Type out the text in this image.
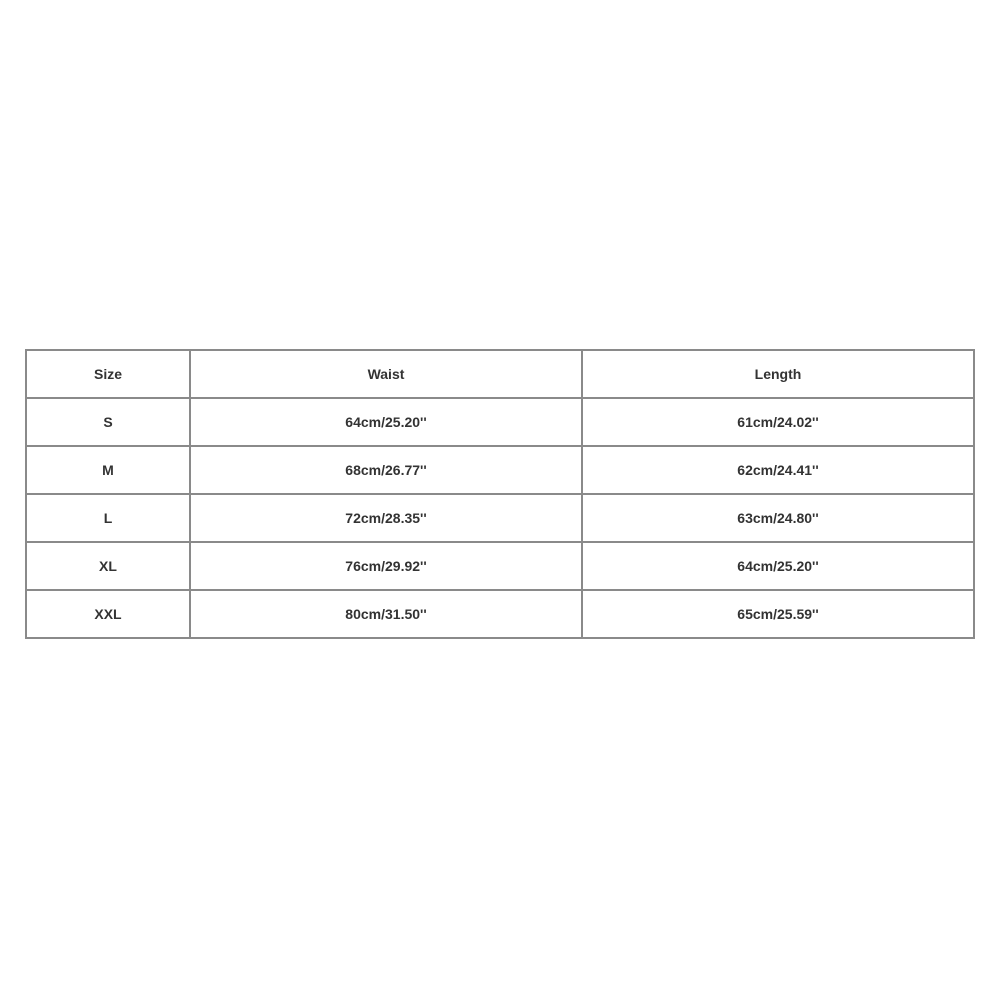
Size	Waist	Length
S	64cm/25.20''	61cm/24.02''
M	68cm/26.77''	62cm/24.41''
L	72cm/28.35''	63cm/24.80''
XL	76cm/29.92''	64cm/25.20''
XXL	80cm/31.50''	65cm/25.59''
